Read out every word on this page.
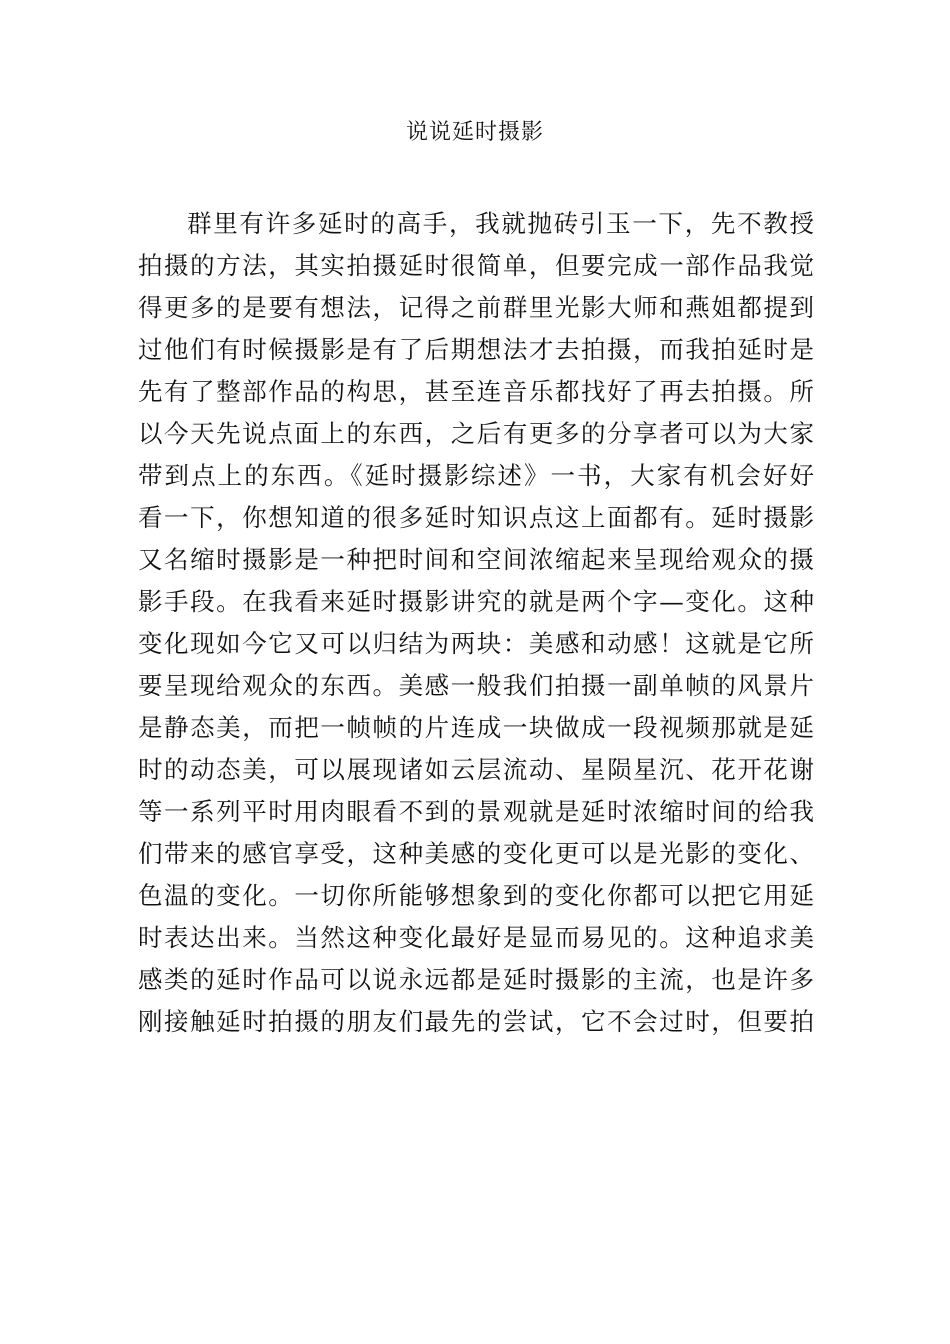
说说延时摄影
群里有许多延时的高手，我就抛砖引玉一下，先不教授
拍摄的方法，其实拍摄延时很简单，但要完成一部作品我觉
得更多的是要有想法，记得之前群里光影大师和燕姐都提到
过他们有时候摄影是有了后期想法才去拍摄，而我拍延时是
先有了整部作品的构思，甚至连音乐都找好了再去拍摄。所
以今天先说点面上的东西，之后有更多的分享者可以为大家
带到点上的东西。《延时摄影综述》一书，大家有机会好好
看一下，你想知道的很多延时知识点这上面都有。延时摄影
又名缩时摄影是一种把时间和空间浓缩起来呈现给观众的摄
影手段。在我看来延时摄影讲究的就是两个字—变化。这种
变化现如今它又可以归结为两块：美感和动感！这就是它所
要呈现给观众的东西。美感一般我们拍摄一副单帧的风景片
是静态美，而把一帧帧的片连成一块做成一段视频那就是延
时的动态美，可以展现诸如云层流动、星陨星沉、花开花谢
等一系列平时用肉眼看不到的景观就是延时浓缩时间的给我
们带来的感官享受，这种美感的变化更可以是光影的变化、
色温的变化。一切你所能够想象到的变化你都可以把它用延
时表达出来。当然这种变化最好是显而易见的。这种追求美
感类的延时作品可以说永远都是延时摄影的主流，也是许多
刚接触延时拍摄的朋友们最先的尝试，它不会过时，但要拍
